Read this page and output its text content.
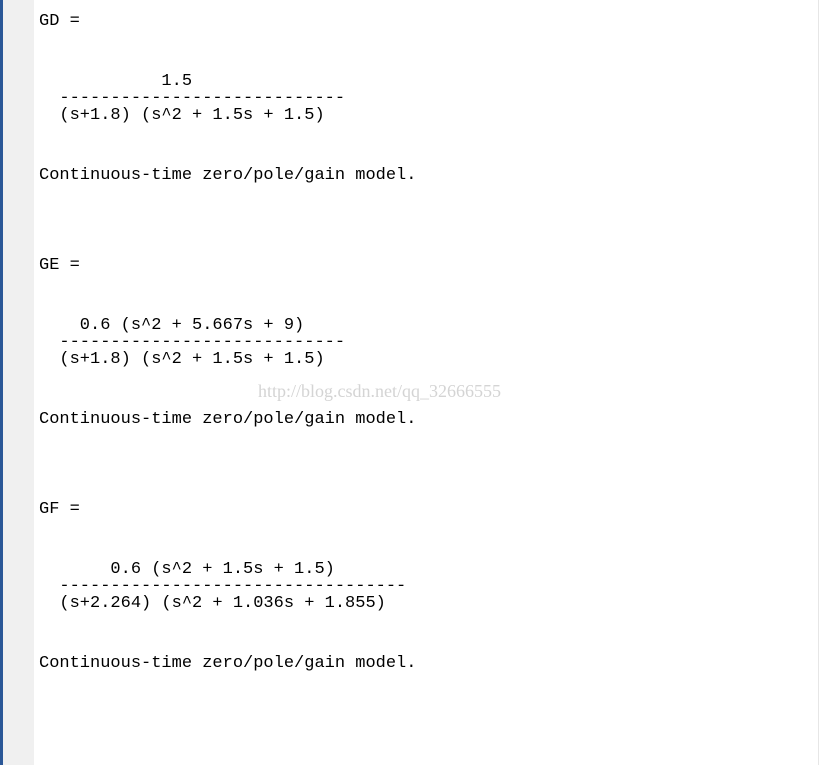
GD =
1.5
----------------------------
(s+1.8) (s^2 + 1.5s + 1.5)
Continuous-time zero/pole/gain model.
GE =
0.6 (s^2 + 5.667s + 9)
----------------------------
(s+1.8) (s^2 + 1.5s + 1.5)
Continuous-time zero/pole/gain model.
GF =
0.6 (s^2 + 1.5s + 1.5)
----------------------------------
(s+2.264) (s^2 + 1.036s + 1.855)
Continuous-time zero/pole/gain model.
http://blog.csdn.net/qq_32666555
